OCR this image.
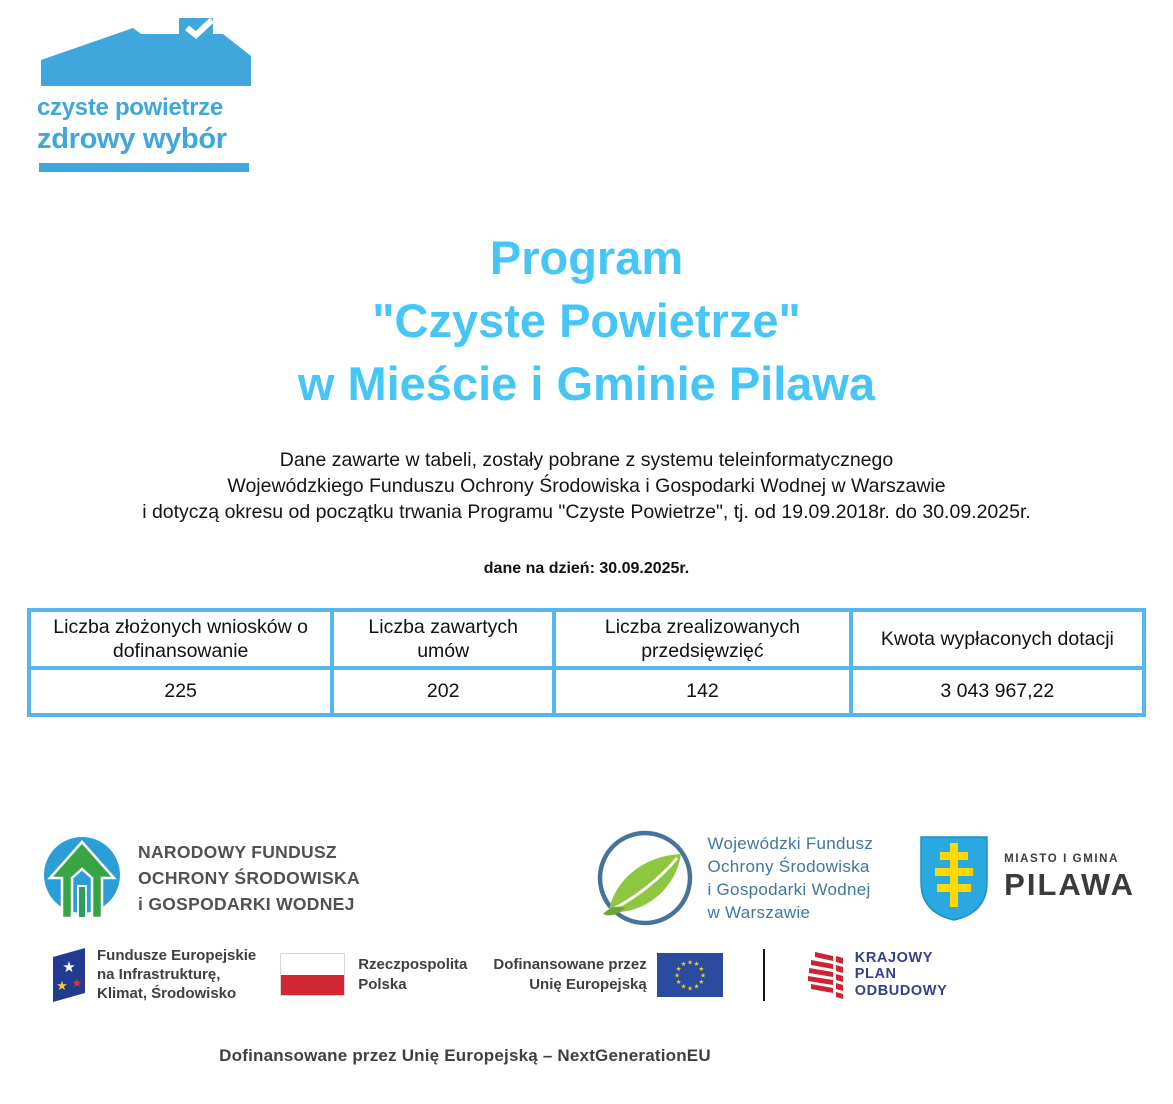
czyste powietrze
zdrowy wybór
Program
"Czyste Powietrze"
w Mieście i Gminie Pilawa
Dane zawarte w tabeli, zostały pobrane z systemu teleinformatycznego
Wojewódzkiego Funduszu Ochrony Środowiska i Gospodarki Wodnej w Warszawie
i dotyczą okresu od początku trwania Programu "Czyste Powietrze", tj. od 19.09.2018r. do 30.09.2025r.
dane na dzień: 30.09.2025r.
Liczba złożonych wniosków o dofinansowanie	Liczba zawartych umów	Liczba zrealizowanych przedsięwzięć	Kwota wypłaconych dotacji
225	202	142	3 043 967,22
NARODOWY FUNDUSZ
OCHRONY ŚRODOWISKA
i GOSPODARKI WODNEJ
Wojewódzki Fundusz
Ochrony Środowiska
i Gospodarki Wodnej
w Warszawie
MIASTO I GMINA
PILAWA
★
★ ★
Fundusze Europejskie
na Infrastrukturę,
Klimat, Środowisko
Rzeczpospolita
Polska
Dofinansowane przez
Unię Europejską
★ ★
★
★
★
★
★
★
★
★
★
★	KRAJOWY
PLAN
ODBUDOWY
Dofinansowane przez Unię Europejską – NextGenerationEU
